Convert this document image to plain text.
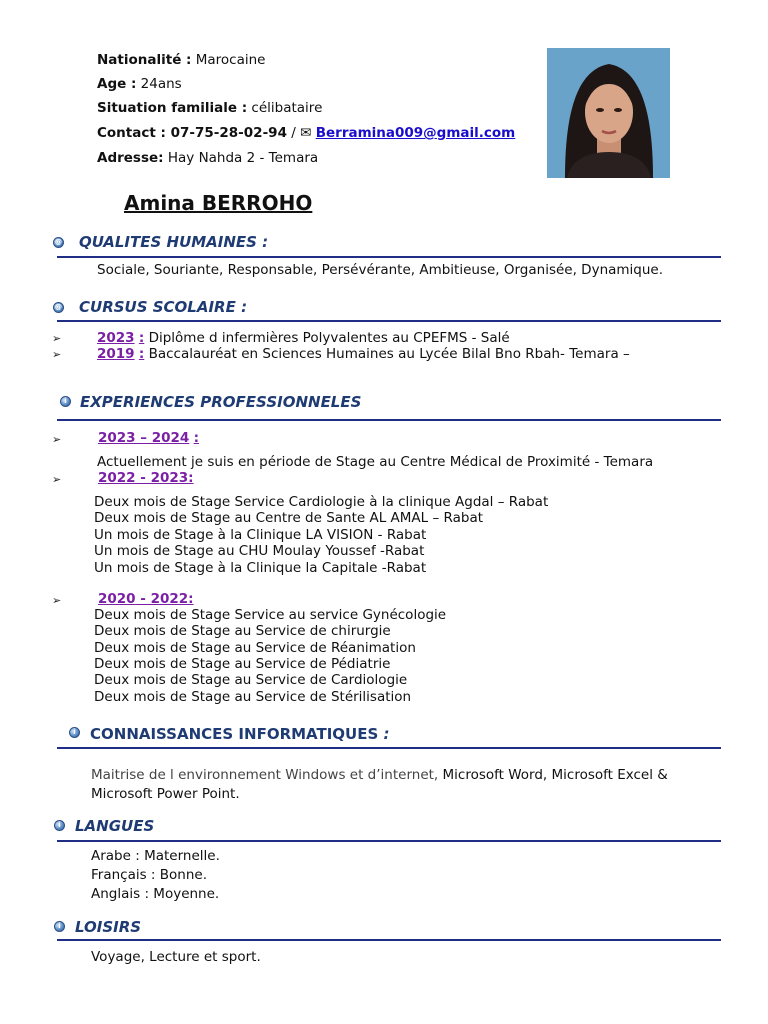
Nationalité : Marocaine
Age : 24ans
Situation familiale : célibataire
Contact : 07-75-28-02-94 / ✉ Berramina009@gmail.com
Adresse: Hay Nahda 2 - Temara
Amina BERROHO
@ QUALITES HUMAINES :
Sociale, Souriante, Responsable, Persévérante, Ambitieuse, Organisée, Dynamique.
@ CURSUS SCOLAIRE :
➢	2023 : Diplôme d infermières Polyvalentes au CPEFMS - Salé
➢	2019 : Baccalauréat en Sciences Humaines au Lycée Bilal Bno Rbah- Temara –
i EXPERIENCES PROFESSIONNELES
➢	2023 – 2024 :
Actuellement je suis en période de Stage au Centre Médical de Proximité - Temara
➢	2022 - 2023:
Deux mois de Stage Service Cardiologie à la clinique Agdal – Rabat
Deux mois de Stage au Centre de Sante AL AMAL – Rabat
Un mois de Stage à la Clinique LA VISION - Rabat
Un mois de Stage au CHU Moulay Youssef -Rabat
Un mois de Stage à la Clinique la Capitale -Rabat
➢	2020 - 2022:
Deux mois de Stage Service au service Gynécologie
Deux mois de Stage au Service de chirurgie
Deux mois de Stage au Service de Réanimation
Deux mois de Stage au Service de Pédiatrie
Deux mois de Stage au Service de Cardiologie
Deux mois de Stage au Service de Stérilisation
i CONNAISSANCES INFORMATIQUES :
Maitrise de l environnement Windows et d’internet, Microsoft Word, Microsoft Excel &
Microsoft Power Point.
i LANGUES
Arabe : Maternelle.
Français : Bonne.
Anglais : Moyenne.
i LOISIRS
Voyage, Lecture et sport.
